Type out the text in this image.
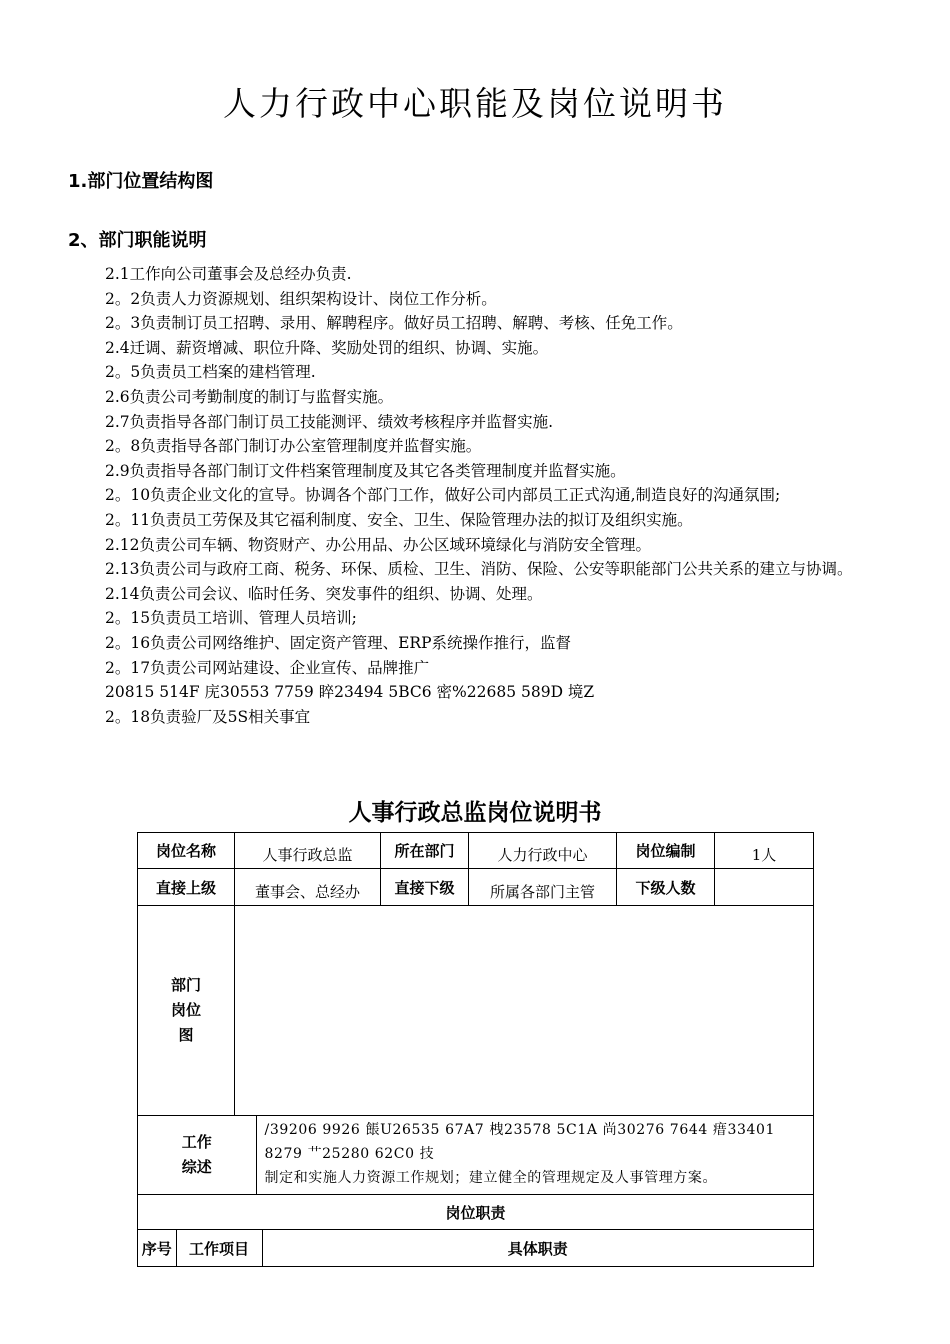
人力行政中心职能及岗位说明书
1.部门位置结构图
2、部门职能说明

2.1工作向公司董事会及总经办负责.

2。2负责人力资源规划、组织架构设计、岗位工作分析。

2。3负责制订员工招聘、录用、解聘程序。做好员工招聘、解聘、考核、任免工作。

2.4迁调、薪资增减、职位升降、奖励处罚的组织、协调、实施。

2。5负责员工档案的建档管理.

2.6负责公司考勤制度的制订与监督实施。

2.7负责指导各部门制订员工技能测评、绩效考核程序并监督实施.

2。8负责指导各部门制订办公室管理制度并监督实施。

2.9负责指导各部门制订文件档案管理制度及其它各类管理制度并监督实施。

2。10负责企业文化的宣导。协调各个部门工作，做好公司内部员工正式沟通,制造良好的沟通氛围;

2。11负责员工劳保及其它福利制度、安全、卫生、保险管理办法的拟订及组织实施。

2.12负责公司车辆、物资财产、办公用品、办公区域环境绿化与消防安全管理。

2.13负责公司与政府工商、税务、环保、质检、卫生、消防、保险、公安等职能部门公共关系的建立与协调。

2.14负责公司会议、临时任务、突发事件的组织、协调、处理。

2。15负责员工培训、管理人员培训;

2。16负责公司网络维护、固定资产管理、ERP系统操作推行，监督

2。17负责公司网站建设、企业宣传、品牌推广

20815 514F 庑30553 7759 睟23494 5BC6 密%22685 589D 境Z

2。18负责验厂及5S相关事宜

人事行政总监岗位说明书
岗位名称	人事行政总监	所在部门	人力行政中心	岗位编制	1人
直接上级	董事会、总经办	直接下级	所属各部门主管	下级人数	

部门
岗位
图

工作
综述

/39206 9926 餦U26535 67A7 栧23578 5C1A 尚30276 7644 瘄33401 8279 艹25280 62C0 技

制定和实施人力资源工作规划；建立健全的管理规定及人事管理方案。

岗位职责

序号	工作项目	具体职责
